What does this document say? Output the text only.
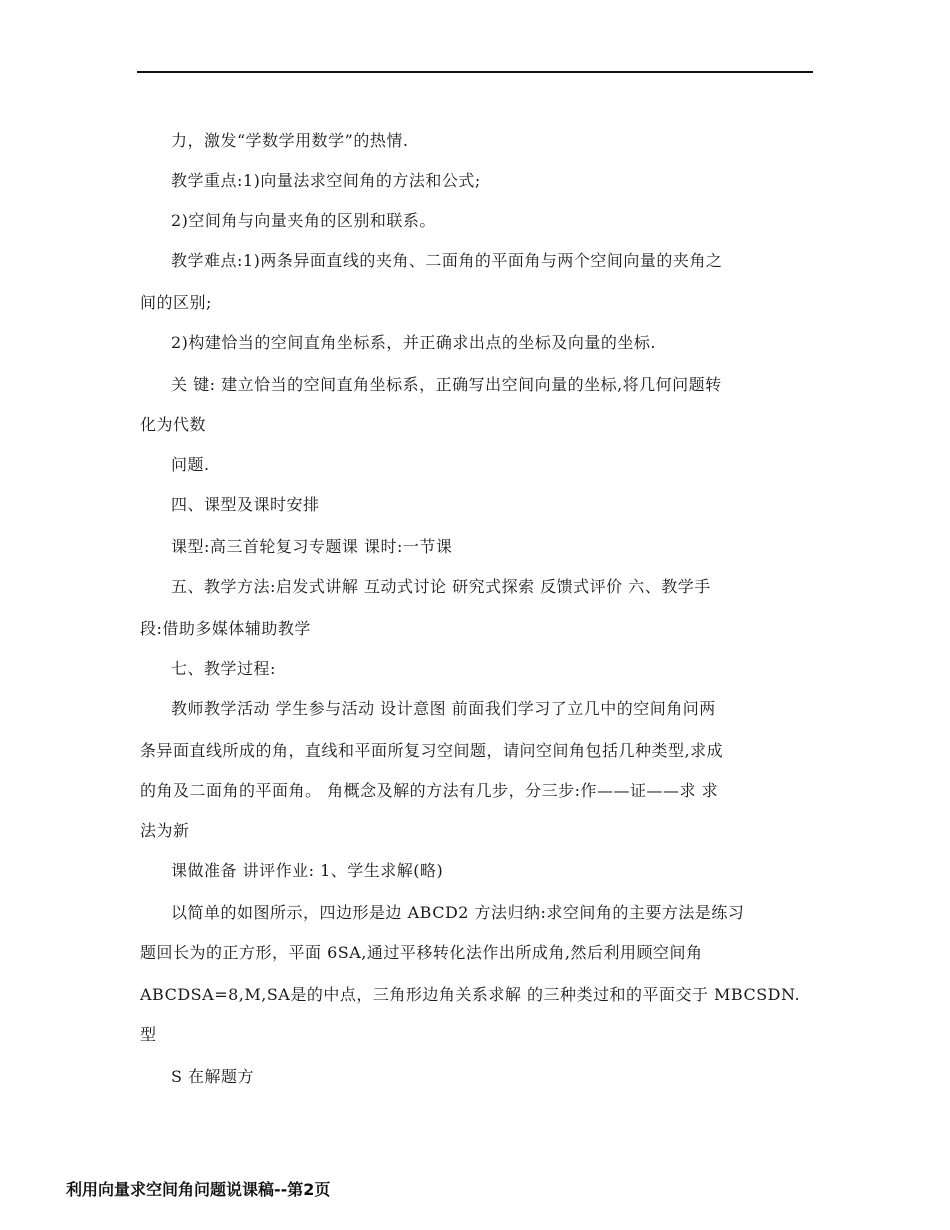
力，激发“学数学用数学”的热情.
教学重点:1)向量法求空间角的方法和公式;
2)空间角与向量夹角的区别和联系。
教学难点:1)两条异面直线的夹角、二面角的平面角与两个空间向量的夹角之
间的区别;
2)构建恰当的空间直角坐标系，并正确求出点的坐标及向量的坐标.
关 键: 建立恰当的空间直角坐标系，正确写出空间向量的坐标,将几何问题转
化为代数
问题.
四、课型及课时安排
课型:高三首轮复习专题课 课时:一节课
五、教学方法:启发式讲解 互动式讨论 研究式探索 反馈式评价 六、教学手
段:借助多媒体辅助教学
七、教学过程:
教师教学活动 学生参与活动 设计意图 前面我们学习了立几中的空间角问两
条异面直线所成的角，直线和平面所复习空间题，请问空间角包括几种类型,求成
的角及二面角的平面角。 角概念及解的方法有几步，分三步:作——证——求 求
法为新
课做准备 讲评作业: 1、学生求解(略)
以简单的如图所示，四边形是边 ABCD2 方法归纳:求空间角的主要方法是练习
题回长为的正方形，平面 6SA,通过平移转化法作出所成角,然后利用顾空间角
ABCDSA=8,M,SA是的中点，三角形边角关系求解 的三种类过和的平面交于 MBCSDN.
型
S 在解题方
利用向量求空间角问题说课稿--第2页
